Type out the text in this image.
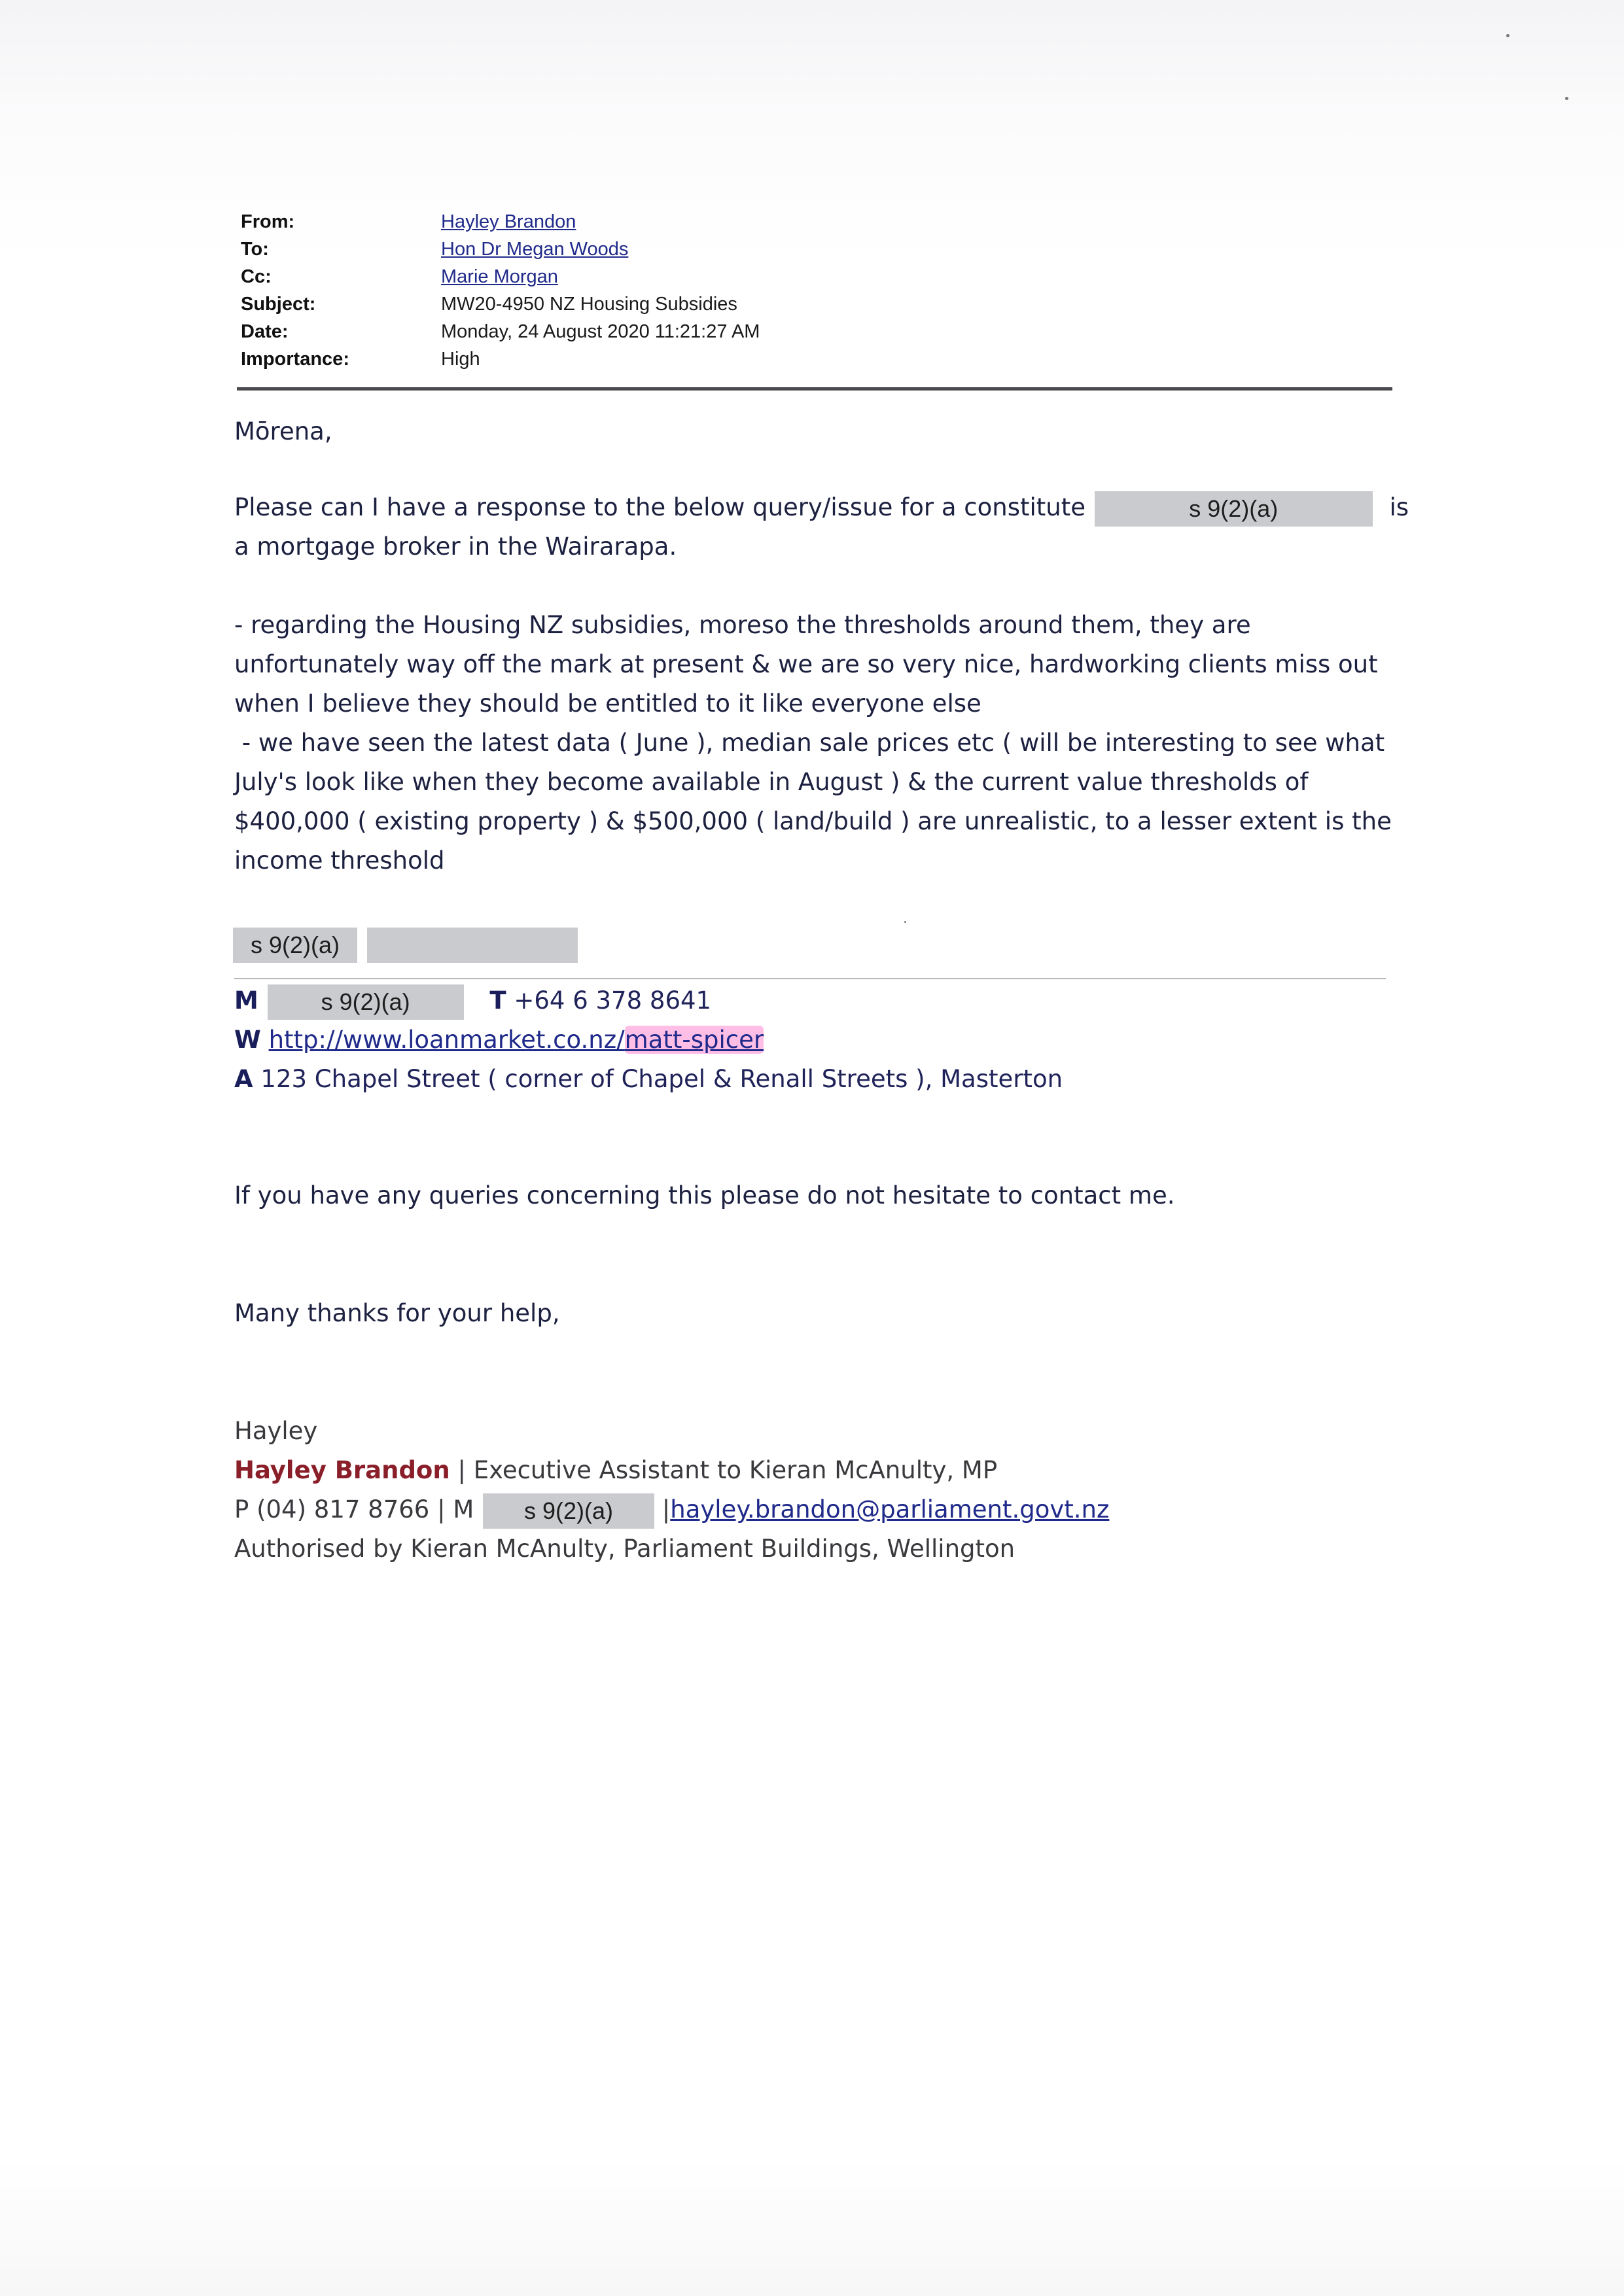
From:	Hayley Brandon
To:	Hon Dr Megan Woods
Cc:	Marie Morgan
Subject:	MW20-4950 NZ Housing Subsidies
Date:	Monday, 24 August 2020 11:21:27 AM
Importance:	High
Mōrena,
Please can I have a response to the below query/issue for a constitute	s 9(2)(a)	is
a mortgage broker in the Wairarapa.
- regarding the Housing NZ subsidies, moreso the thresholds around them, they are
unfortunately way off the mark at present & we are so very nice, hardworking clients miss out
when I believe they should be entitled to it like everyone else
- we have seen the latest data ( June ), median sale prices etc ( will be interesting to see what
July's look like when they become available in August ) & the current value thresholds of
$400,000 ( existing property ) & $500,000 ( land/build ) are unrealistic, to a lesser extent is the
income threshold
s 9(2)(a)
M	s 9(2)(a)	T +64 6 378 8641
W http://www.loanmarket.co.nz/matt-spicer
A 123 Chapel Street ( corner of Chapel & Renall Streets ), Masterton
If you have any queries concerning this please do not hesitate to contact me.
Many thanks for your help,
Hayley
Hayley Brandon | Executive Assistant to Kieran McAnulty, MP
P (04) 817 8766 | M s 9(2)(a) |hayley.brandon@parliament.govt.nz
Authorised by Kieran McAnulty, Parliament Buildings, Wellington
